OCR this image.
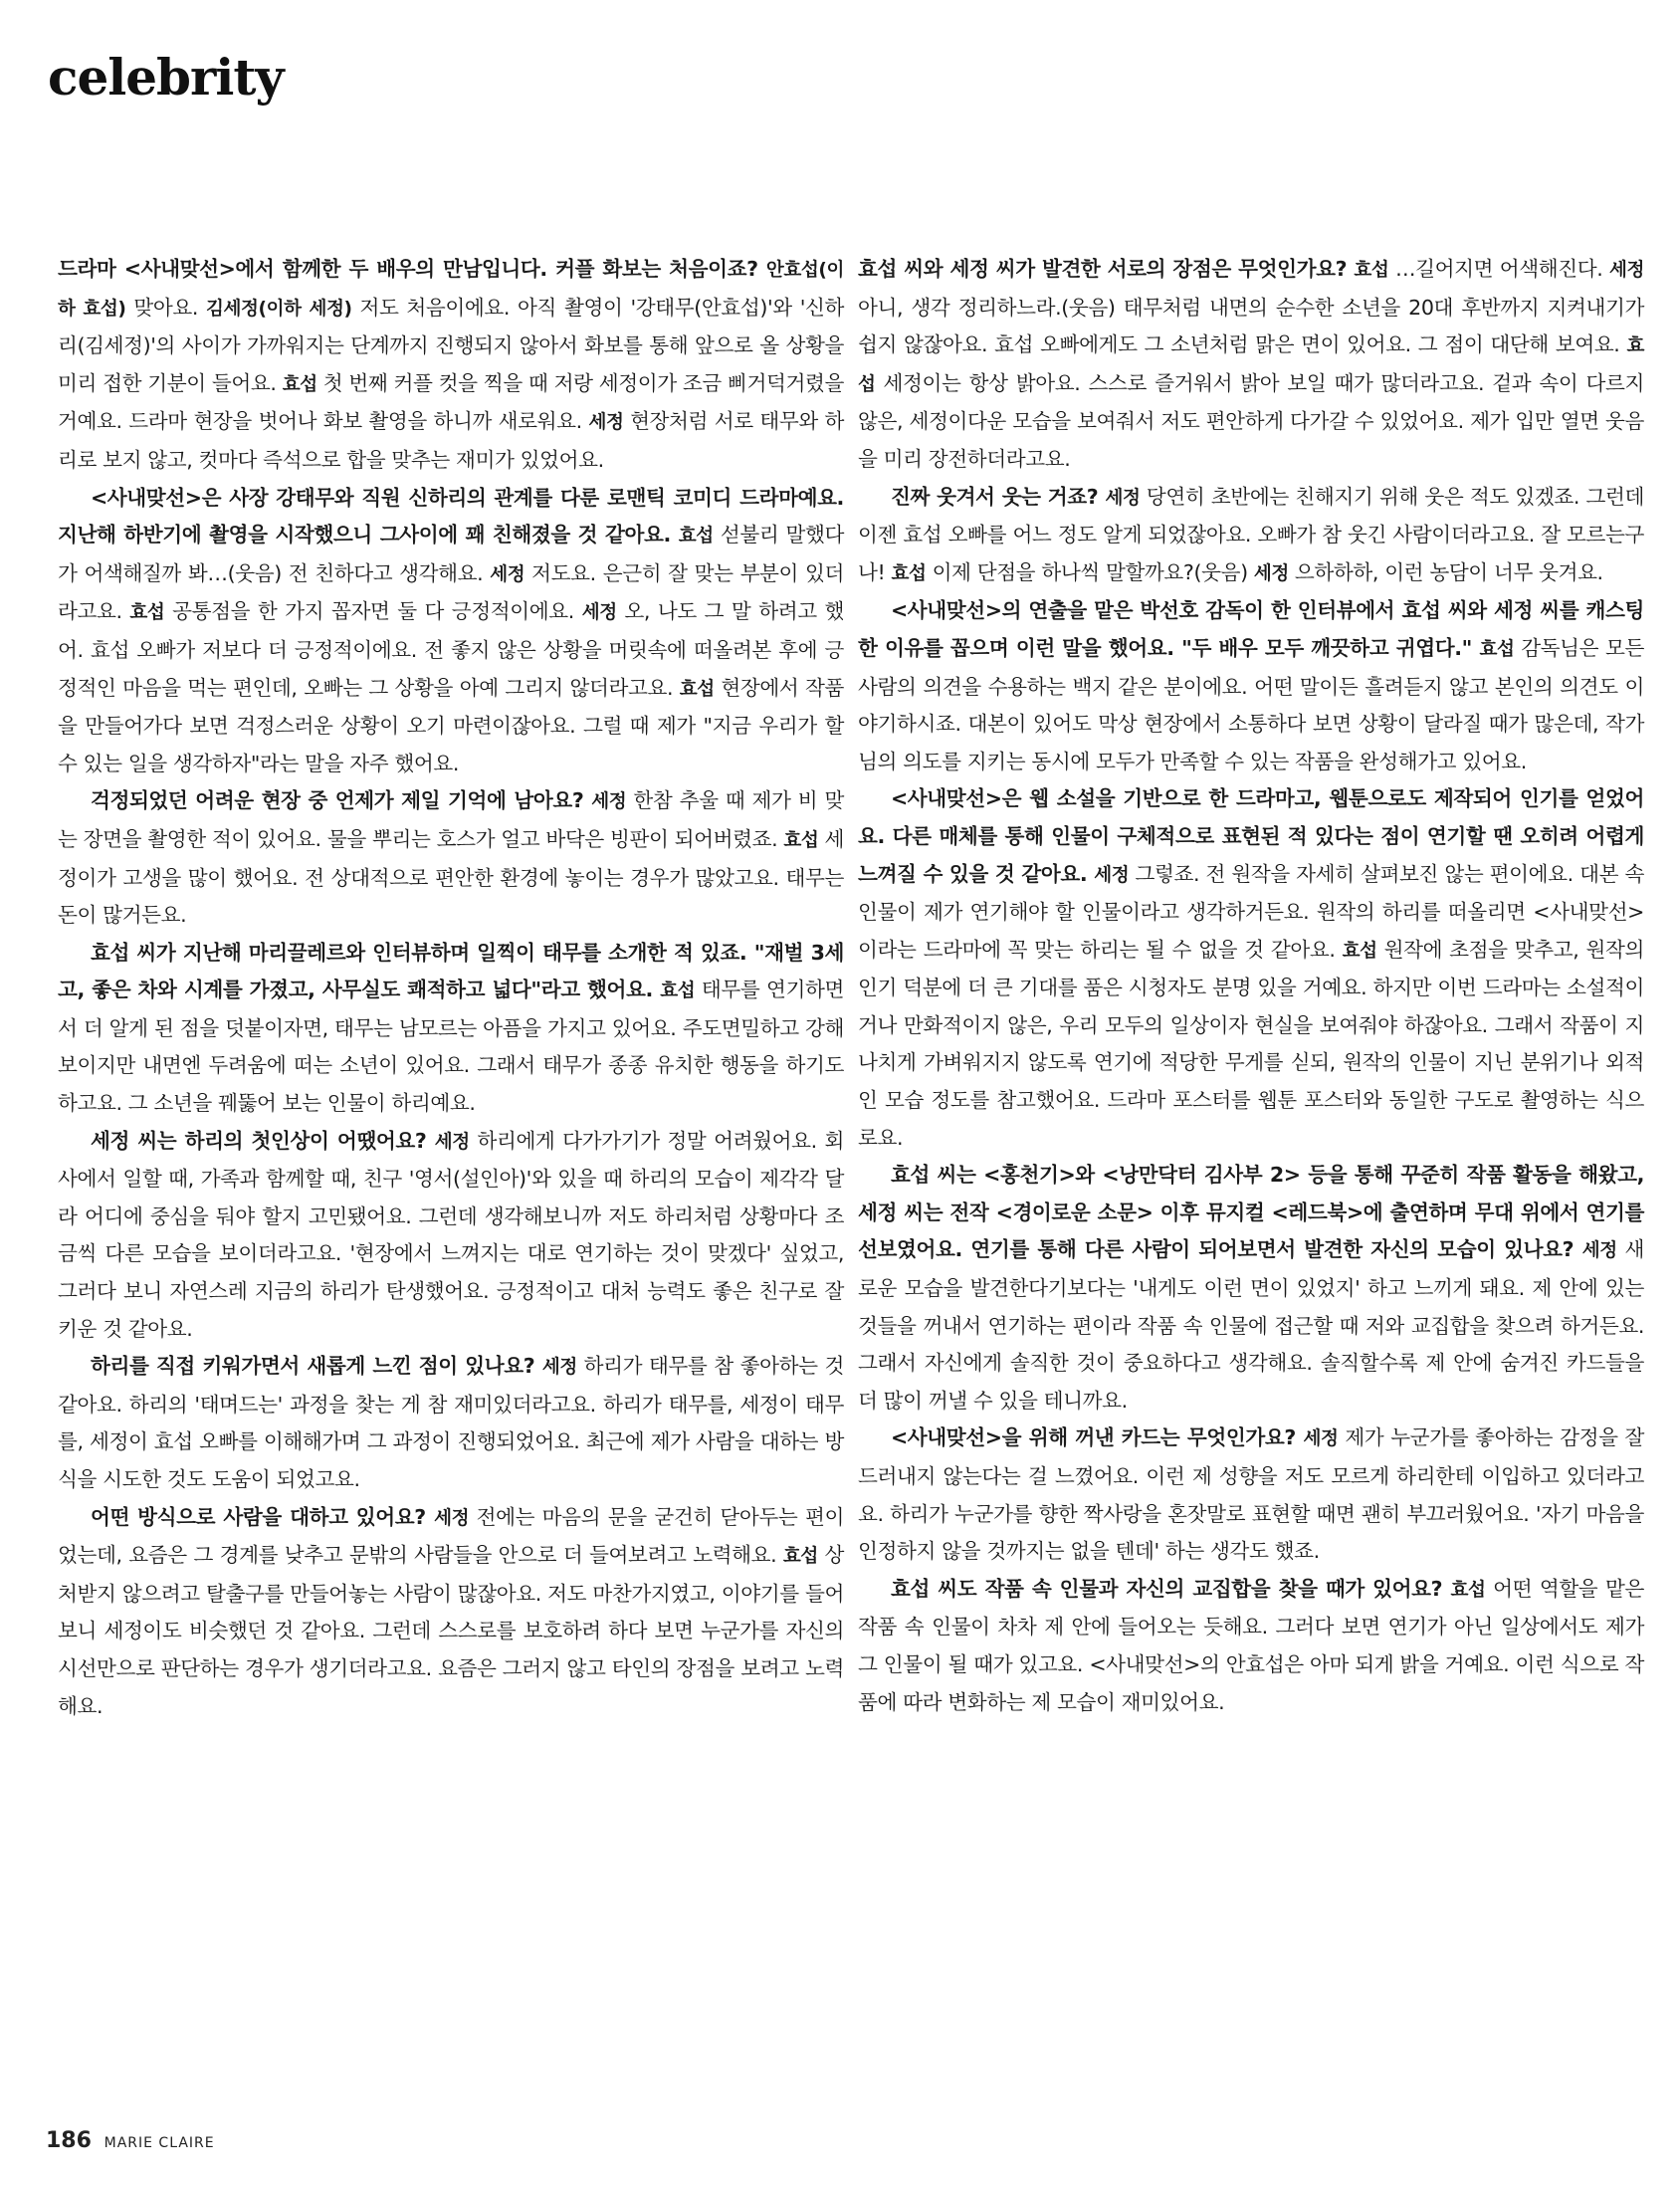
celebrity

드라마 <사내맞선>에서 함께한 두 배우의 만남입니다. 커플 화보는 처음이죠? 안효섭(이하 효섭) 맞아요. 김세정(이하 세정) 저도 처음이에요. 아직 촬영이 '강태무(안효섭)'와 '신하리(김세정)'의 사이가 가까워지는 단계까지 진행되지 않아서 화보를 통해 앞으로 올 상황을 미리 접한 기분이 들어요. 효섭 첫 번째 커플 컷을 찍을 때 저랑 세정이가 조금 삐거덕거렸을 거예요. 드라마 현장을 벗어나 화보 촬영을 하니까 새로워요. 세정 현장처럼 서로 태무와 하리로 보지 않고, 컷마다 즉석으로 합을 맞추는 재미가 있었어요.

<사내맞선>은 사장 강태무와 직원 신하리의 관계를 다룬 로맨틱 코미디 드라마예요. 지난해 하반기에 촬영을 시작했으니 그사이에 꽤 친해졌을 것 같아요. 효섭 섣불리 말했다가 어색해질까 봐…(웃음) 전 친하다고 생각해요. 세정 저도요. 은근히 잘 맞는 부분이 있더라고요. 효섭 공통점을 한 가지 꼽자면 둘 다 긍정적이에요. 세정 오, 나도 그 말 하려고 했어. 효섭 오빠가 저보다 더 긍정적이에요. 전 좋지 않은 상황을 머릿속에 떠올려본 후에 긍정적인 마음을 먹는 편인데, 오빠는 그 상황을 아예 그리지 않더라고요. 효섭 현장에서 작품을 만들어가다 보면 걱정스러운 상황이 오기 마련이잖아요. 그럴 때 제가 "지금 우리가 할 수 있는 일을 생각하자"라는 말을 자주 했어요.

걱정되었던 어려운 현장 중 언제가 제일 기억에 남아요? 세정 한참 추울 때 제가 비 맞는 장면을 촬영한 적이 있어요. 물을 뿌리는 호스가 얼고 바닥은 빙판이 되어버렸죠. 효섭 세정이가 고생을 많이 했어요. 전 상대적으로 편안한 환경에 놓이는 경우가 많았고요. 태무는 돈이 많거든요.

효섭 씨가 지난해 마리끌레르와 인터뷰하며 일찍이 태무를 소개한 적 있죠. "재벌 3세고, 좋은 차와 시계를 가졌고, 사무실도 쾌적하고 넓다"라고 했어요. 효섭 태무를 연기하면서 더 알게 된 점을 덧붙이자면, 태무는 남모르는 아픔을 가지고 있어요. 주도면밀하고 강해 보이지만 내면엔 두려움에 떠는 소년이 있어요. 그래서 태무가 종종 유치한 행동을 하기도 하고요. 그 소년을 꿰뚫어 보는 인물이 하리예요.

세정 씨는 하리의 첫인상이 어땠어요? 세정 하리에게 다가가기가 정말 어려웠어요. 회사에서 일할 때, 가족과 함께할 때, 친구 '영서(설인아)'와 있을 때 하리의 모습이 제각각 달라 어디에 중심을 둬야 할지 고민됐어요. 그런데 생각해보니까 저도 하리처럼 상황마다 조금씩 다른 모습을 보이더라고요. '현장에서 느껴지는 대로 연기하는 것이 맞겠다' 싶었고, 그러다 보니 자연스레 지금의 하리가 탄생했어요. 긍정적이고 대처 능력도 좋은 친구로 잘 키운 것 같아요.

하리를 직접 키워가면서 새롭게 느낀 점이 있나요? 세정 하리가 태무를 참 좋아하는 것 같아요. 하리의 '태며드는' 과정을 찾는 게 참 재미있더라고요. 하리가 태무를, 세정이 태무를, 세정이 효섭 오빠를 이해해가며 그 과정이 진행되었어요. 최근에 제가 사람을 대하는 방식을 시도한 것도 도움이 되었고요.

어떤 방식으로 사람을 대하고 있어요? 세정 전에는 마음의 문을 굳건히 닫아두는 편이었는데, 요즘은 그 경계를 낮추고 문밖의 사람들을 안으로 더 들여보려고 노력해요. 효섭 상처받지 않으려고 탈출구를 만들어놓는 사람이 많잖아요. 저도 마찬가지였고, 이야기를 들어보니 세정이도 비슷했던 것 같아요. 그런데 스스로를 보호하려 하다 보면 누군가를 자신의 시선만으로 판단하는 경우가 생기더라고요. 요즘은 그러지 않고 타인의 장점을 보려고 노력해요.

효섭 씨와 세정 씨가 발견한 서로의 장점은 무엇인가요? 효섭 …길어지면 어색해진다. 세정 아니, 생각 정리하느라.(웃음) 태무처럼 내면의 순수한 소년을 20대 후반까지 지켜내기가 쉽지 않잖아요. 효섭 오빠에게도 그 소년처럼 맑은 면이 있어요. 그 점이 대단해 보여요. 효섭 세정이는 항상 밝아요. 스스로 즐거워서 밝아 보일 때가 많더라고요. 겉과 속이 다르지 않은, 세정이다운 모습을 보여줘서 저도 편안하게 다가갈 수 있었어요. 제가 입만 열면 웃음을 미리 장전하더라고요.

진짜 웃겨서 웃는 거죠? 세정 당연히 초반에는 친해지기 위해 웃은 적도 있겠죠. 그런데 이젠 효섭 오빠를 어느 정도 알게 되었잖아요. 오빠가 참 웃긴 사람이더라고요. 잘 모르는구나! 효섭 이제 단점을 하나씩 말할까요?(웃음) 세정 으하하하, 이런 농담이 너무 웃겨요.

<사내맞선>의 연출을 맡은 박선호 감독이 한 인터뷰에서 효섭 씨와 세정 씨를 캐스팅한 이유를 꼽으며 이런 말을 했어요. "두 배우 모두 깨끗하고 귀엽다." 효섭 감독님은 모든 사람의 의견을 수용하는 백지 같은 분이에요. 어떤 말이든 흘려듣지 않고 본인의 의견도 이야기하시죠. 대본이 있어도 막상 현장에서 소통하다 보면 상황이 달라질 때가 많은데, 작가님의 의도를 지키는 동시에 모두가 만족할 수 있는 작품을 완성해가고 있어요.

<사내맞선>은 웹 소설을 기반으로 한 드라마고, 웹툰으로도 제작되어 인기를 얻었어요. 다른 매체를 통해 인물이 구체적으로 표현된 적 있다는 점이 연기할 땐 오히려 어렵게 느껴질 수 있을 것 같아요. 세정 그렇죠. 전 원작을 자세히 살펴보진 않는 편이에요. 대본 속 인물이 제가 연기해야 할 인물이라고 생각하거든요. 원작의 하리를 떠올리면 <사내맞선>이라는 드라마에 꼭 맞는 하리는 될 수 없을 것 같아요. 효섭 원작에 초점을 맞추고, 원작의 인기 덕분에 더 큰 기대를 품은 시청자도 분명 있을 거예요. 하지만 이번 드라마는 소설적이거나 만화적이지 않은, 우리 모두의 일상이자 현실을 보여줘야 하잖아요. 그래서 작품이 지나치게 가벼워지지 않도록 연기에 적당한 무게를 싣되, 원작의 인물이 지닌 분위기나 외적인 모습 정도를 참고했어요. 드라마 포스터를 웹툰 포스터와 동일한 구도로 촬영하는 식으로요.

효섭 씨는 <홍천기>와 <낭만닥터 김사부 2> 등을 통해 꾸준히 작품 활동을 해왔고, 세정 씨는 전작 <경이로운 소문> 이후 뮤지컬 <레드북>에 출연하며 무대 위에서 연기를 선보였어요. 연기를 통해 다른 사람이 되어보면서 발견한 자신의 모습이 있나요? 세정 새로운 모습을 발견한다기보다는 '내게도 이런 면이 있었지' 하고 느끼게 돼요. 제 안에 있는 것들을 꺼내서 연기하는 편이라 작품 속 인물에 접근할 때 저와 교집합을 찾으려 하거든요. 그래서 자신에게 솔직한 것이 중요하다고 생각해요. 솔직할수록 제 안에 숨겨진 카드들을 더 많이 꺼낼 수 있을 테니까요.

<사내맞선>을 위해 꺼낸 카드는 무엇인가요? 세정 제가 누군가를 좋아하는 감정을 잘 드러내지 않는다는 걸 느꼈어요. 이런 제 성향을 저도 모르게 하리한테 이입하고 있더라고요. 하리가 누군가를 향한 짝사랑을 혼잣말로 표현할 때면 괜히 부끄러웠어요. '자기 마음을 인정하지 않을 것까지는 없을 텐데' 하는 생각도 했죠.

효섭 씨도 작품 속 인물과 자신의 교집합을 찾을 때가 있어요? 효섭 어떤 역할을 맡은 작품 속 인물이 차차 제 안에 들어오는 듯해요. 그러다 보면 연기가 아닌 일상에서도 제가 그 인물이 될 때가 있고요. <사내맞선>의 안효섭은 아마 되게 밝을 거예요. 이런 식으로 작품에 따라 변화하는 제 모습이 재미있어요.

186 MARIE CLAIRE
